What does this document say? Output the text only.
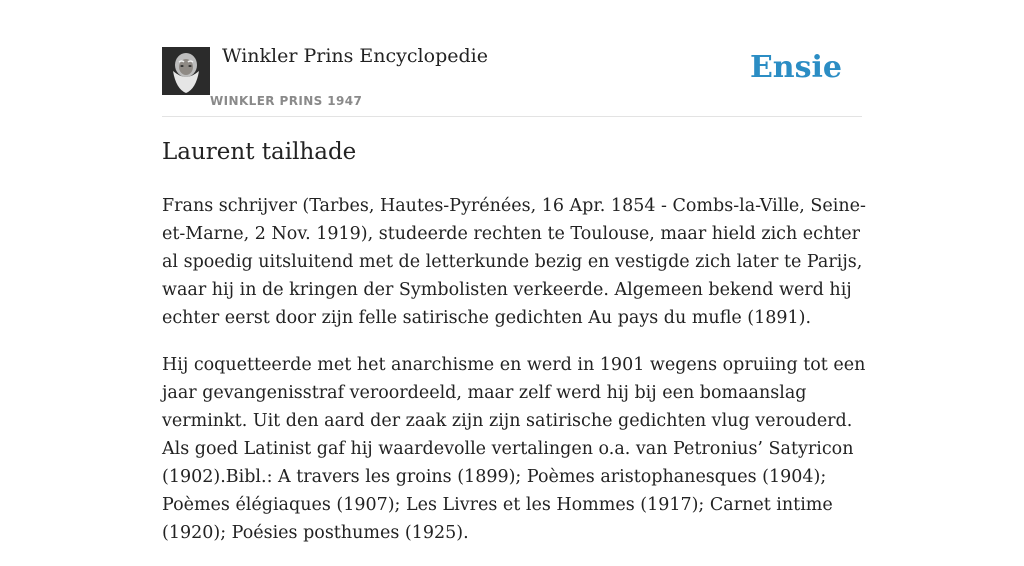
Winkler Prins Encyclopedie
WINKLER PRINS 1947
Ensie
Laurent tailhade

Frans schrijver (Tarbes, Hautes-Pyrénées, 16 Apr. 1854 - Combs-la-Ville, Seine-et-Marne, 2 Nov. 1919), studeerde rechten te Toulouse, maar hield zich echter al spoedig uitsluitend met de letterkunde bezig en vestigde zich later te Parijs, waar hij in de kringen der Symbolisten verkeerde. Algemeen bekend werd hij echter eerst door zijn felle satirische gedichten Au pays du mufle (1891).

Hij coquetteerde met het anarchisme en werd in 1901 wegens opruiing tot een jaar gevangenisstraf veroordeeld, maar zelf werd hij bij een bomaanslag verminkt. Uit den aard der zaak zijn zijn satirische gedichten vlug verouderd. Als goed Latinist gaf hij waardevolle vertalingen o.a. van Petronius’ Satyricon (1902).Bibl.: A travers les groins (1899); Poèmes aristophanesques (1904); Poèmes élégiaques (1907); Les Livres et les Hommes (1917); Carnet intime (1920); Poésies posthumes (1925).
